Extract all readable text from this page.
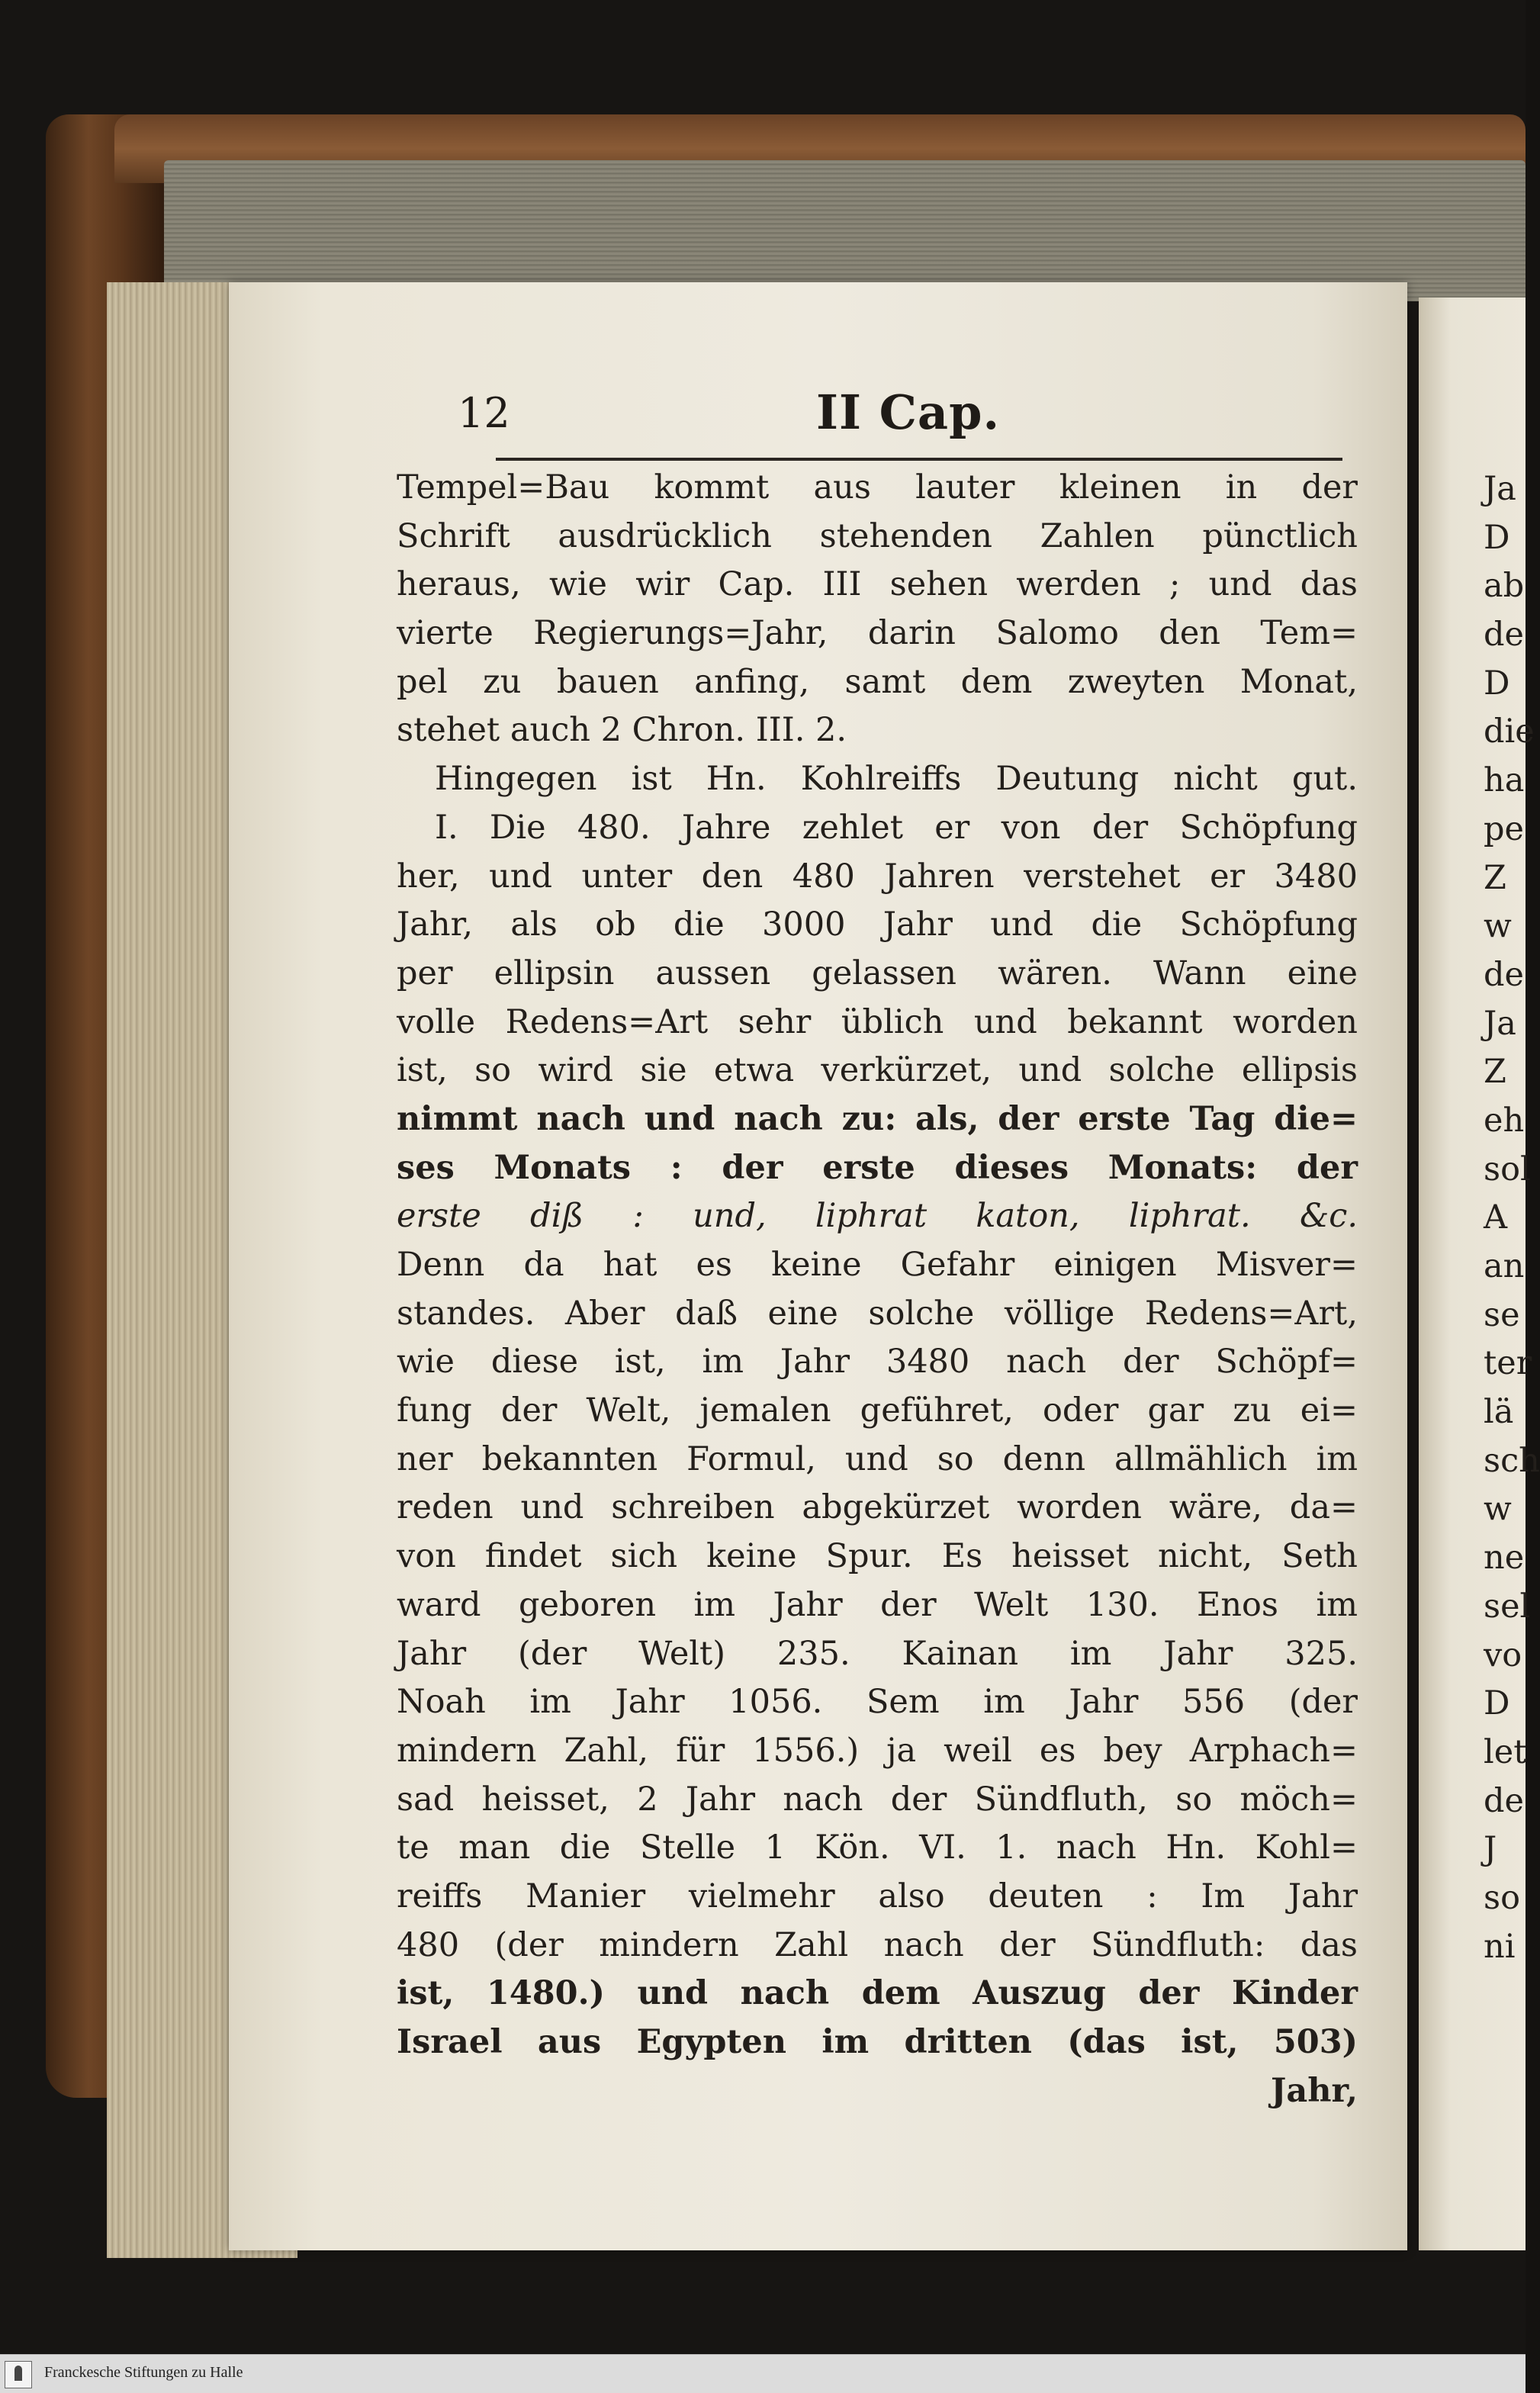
Ja
D
ab
de
D
die
ha
pe
Z
w
de
Ja
Z
eh
sol
A
an
se
ter
lä
sch
w
ne
sel
vo
D
let
de
J
so
ni
12	II Cap.
Tempel=Bau kommt aus lauter kleinen in der
Schrift ausdrücklich stehenden Zahlen pünctlich
heraus, wie wir Cap. III sehen werden ; und das
vierte Regierungs=Jahr, darin Salomo den Tem=
pel zu bauen anfing, samt dem zweyten Monat,
stehet auch 2 Chron. III. 2.
Hingegen ist Hn. Kohlreiffs Deutung nicht gut.
I. Die 480. Jahre zehlet er von der Schöpfung
her, und unter den 480 Jahren verstehet er 3480
Jahr, als ob die 3000 Jahr und die Schöpfung
per ellipsin aussen gelassen wären. Wann eine
volle Redens=Art sehr üblich und bekannt worden
ist, so wird sie etwa verkürzet, und solche ellipsis
nimmt nach und nach zu: als, der erste Tag die=
ses Monats : der erste dieses Monats: der
erste diß : und, liphrat katon, liphrat. &c.
Denn da hat es keine Gefahr einigen Misver=
standes. Aber daß eine solche völlige Redens=Art,
wie diese ist, im Jahr 3480 nach der Schöpf=
fung der Welt, jemalen geführet, oder gar zu ei=
ner bekannten Formul, und so denn allmählich im
reden und schreiben abgekürzet worden wäre, da=
von findet sich keine Spur. Es heisset nicht, Seth
ward geboren im Jahr der Welt 130. Enos im
Jahr (der Welt) 235. Kainan im Jahr 325.
Noah im Jahr 1056. Sem im Jahr 556 (der
mindern Zahl, für 1556.) ja weil es bey Arphach=
sad heisset, 2 Jahr nach der Sündfluth, so möch=
te man die Stelle 1 Kön. VI. 1. nach Hn. Kohl=
reiffs Manier vielmehr also deuten : Im Jahr
480 (der mindern Zahl nach der Sündfluth: das
ist, 1480.) und nach dem Auszug der Kinder
Israel aus Egypten im dritten (das ist, 503)
Jahr,
Franckesche Stiftungen zu Halle
